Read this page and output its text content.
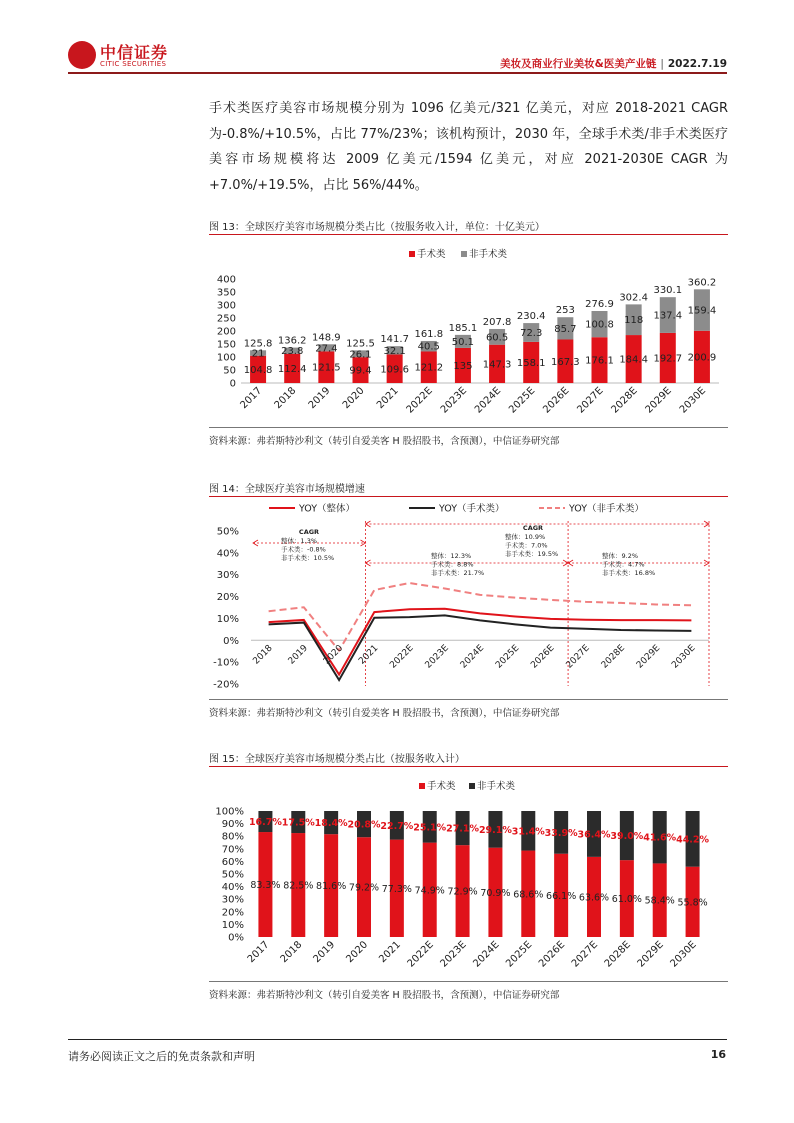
中信证券
CITIC SECURITIES	美妆及商业行业美妆&医美产业链 | 2022.7.19
手术类医疗美容市场规模分别为 1096 亿美元/321 亿美元，对应 2018-2021 CAGR 为-0.8%/+10.5%，占比 77%/23%；该机构预计，2030 年，全球手术类/非手术类医疗美容市场规模将达 2009 亿美元/1594 亿美元，对应 2021-2030E CAGR 为+7.0%/+19.5%，占比 56%/44%。
图 13：全球医疗美容市场规模分类占比（按服务收入计，单位：十亿美元）
手术类 非手术类
0
50
100
150
200
250
300
350
400
104.8
21
125.8
2017
112.4
23.8
136.2
2018
121.5
27.4
148.9
2019
99.4
26.1
125.5
2020
109.6
32.1
141.7
2021
121.2
40.5
161.8
2022E
135
50.1
185.1
2023E
147.3
60.5
207.8
2024E
158.1
72.3
230.4
2025E
167.3
85.7
253
2026E
176.1
100.8
276.9
2027E
184.4
118
302.4
2028E
192.7
137.4
330.1
2029E
200.9
159.4
360.2
2030E
资料来源：弗若斯特沙利文（转引自爱美客 H 股招股书，含预测），中信证券研究部
图 14：全球医疗美容市场规模增速
YOY（整体）	YOY（手术类）	YOY（非手术类）
-20%
-10%
0%
10%
20%
30%
40%
50%	CAGR
整体：1.3%
手术类：-0.8%
非手术类：10.5%
CAGR
整体：10.9%
手术类：7.0%
非手术类：19.5%
整体：12.3%
手术类：8.8%
非手术类：21.7%
整体：9.2%
手术类：4.7%
非手术类：16.8%
2018 2019 2020 2021 2022E 2023E 2024E 2025E 2026E 2027E 2028E 2029E 2030E
资料来源：弗若斯特沙利文（转引自爱美客 H 股招股书，含预测），中信证券研究部
图 15：全球医疗美容市场规模分类占比（按服务收入计）
手术类 非手术类
0%
10%
20%
30%
40%
50%
60%
70%
80%
90%
100%
83.3%
16.7%
2017
82.5%
17.5%
2018
81.6%
18.4%
2019
79.2%
20.8%
2020
77.3%
22.7%
2021
74.9%
25.1%
2022E
72.9%
27.1%
2023E
70.9%
29.1%
2024E
68.6%
31.4%
2025E
66.1%
33.9%
2026E
63.6%
36.4%
2027E
61.0%
39.0%
2028E
58.4%
41.6%
2029E
55.8%
44.2%
2030E
资料来源：弗若斯特沙利文（转引自爱美客 H 股招股书，含预测），中信证券研究部
请务必阅读正文之后的免责条款和声明	16
